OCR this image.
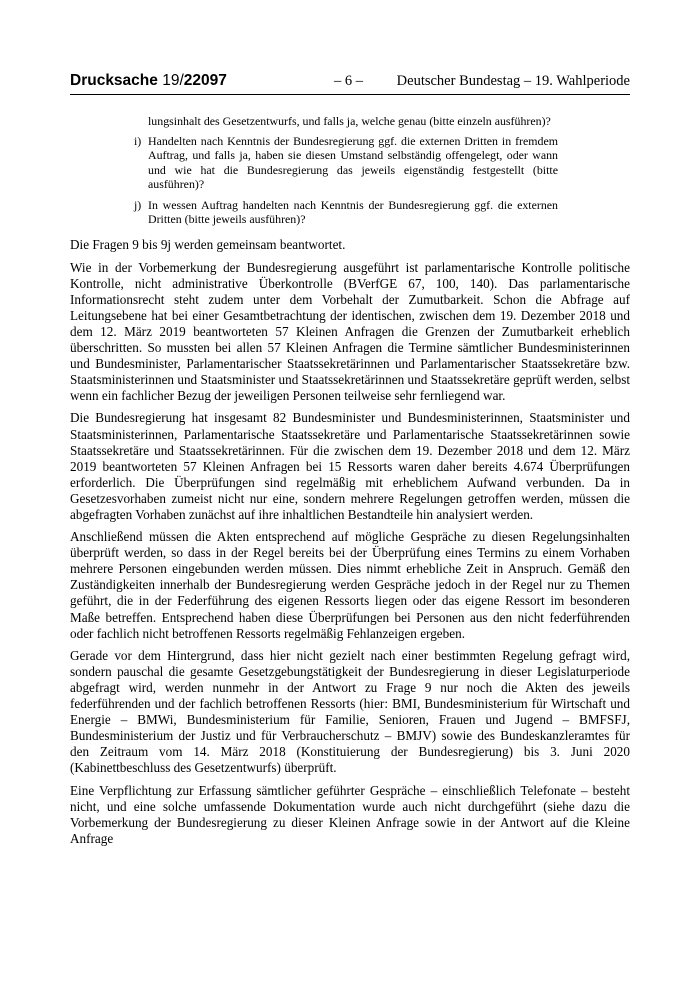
Drucksache 19/22097	– 6 – Deutscher Bundestag – 19. Wahlperiode
lungsinhalt des Gesetzentwurfs, und falls ja, welche genau (bitte einzeln ausführen)?
i) Handelten nach Kenntnis der Bundesregierung ggf. die externen Dritten in fremdem Auftrag, und falls ja, haben sie diesen Umstand selbständig offengelegt, oder wann und wie hat die Bundesregierung das jeweils eigenständig festgestellt (bitte ausführen)?
j) In wessen Auftrag handelten nach Kenntnis der Bundesregierung ggf. die externen Dritten (bitte jeweils ausführen)?

Die Fragen 9 bis 9j werden gemeinsam beantwortet.

Wie in der Vorbemerkung der Bundesregierung ausgeführt ist parlamentarische Kontrolle politische Kontrolle, nicht administrative Überkontrolle (BVerfGE 67, 100, 140). Das parlamentarische Informationsrecht steht zudem unter dem Vorbehalt der Zumutbarkeit. Schon die Abfrage auf Leitungsebene hat bei einer Gesamtbetrachtung der identischen, zwischen dem 19. Dezember 2018 und dem 12. März 2019 beantworteten 57 Kleinen Anfragen die Grenzen der Zumutbarkeit erheblich überschritten. So mussten bei allen 57 Kleinen Anfragen die Termine sämtlicher Bundesministerinnen und Bundesminister, Parlamentarischer Staatssekretärinnen und Parlamentarischer Staatssekretäre bzw. Staatsministerinnen und Staatsminister und Staatssekretärinnen und Staatssekretäre geprüft werden, selbst wenn ein fachlicher Bezug der jeweiligen Personen teilweise sehr fernliegend war.

Die Bundesregierung hat insgesamt 82 Bundesminister und Bundesministerinnen, Staatsminister und Staatsministerinnen, Parlamentarische Staatssekretäre und Parlamentarische Staatssekretärinnen sowie Staatssekretäre und Staatssekretärinnen. Für die zwischen dem 19. Dezember 2018 und dem 12. März 2019 beantworteten 57 Kleinen Anfragen bei 15 Ressorts waren daher bereits 4.674 Überprüfungen erforderlich. Die Überprüfungen sind regelmäßig mit erheblichem Aufwand verbunden. Da in Gesetzesvorhaben zumeist nicht nur eine, sondern mehrere Regelungen getroffen werden, müssen die abgefragten Vorhaben zunächst auf ihre inhaltlichen Bestandteile hin analysiert werden.

Anschließend müssen die Akten entsprechend auf mögliche Gespräche zu diesen Regelungsinhalten überprüft werden, so dass in der Regel bereits bei der Überprüfung eines Termins zu einem Vorhaben mehrere Personen eingebunden werden müssen. Dies nimmt erhebliche Zeit in Anspruch. Gemäß den Zuständigkeiten innerhalb der Bundesregierung werden Gespräche jedoch in der Regel nur zu Themen geführt, die in der Federführung des eigenen Ressorts liegen oder das eigene Ressort im besonderen Maße betreffen. Entsprechend haben diese Überprüfungen bei Personen aus den nicht federführenden oder fachlich nicht betroffenen Ressorts regelmäßig Fehlanzeigen ergeben.

Gerade vor dem Hintergrund, dass hier nicht gezielt nach einer bestimmten Regelung gefragt wird, sondern pauschal die gesamte Gesetzgebungstätigkeit der Bundesregierung in dieser Legislaturperiode abgefragt wird, werden nunmehr in der Antwort zu Frage 9 nur noch die Akten des jeweils federführenden und der fachlich betroffenen Ressorts (hier: BMI, Bundesministerium für Wirtschaft und Energie – BMWi, Bundesministerium für Familie, Senioren, Frauen und Jugend – BMFSFJ, Bundesministerium der Justiz und für Verbraucherschutz – BMJV) sowie des Bundeskanzleramtes für den Zeitraum vom 14. März 2018 (Konstituierung der Bundesregierung) bis 3. Juni 2020 (Kabinettbeschluss des Gesetzentwurfs) überprüft.

Eine Verpflichtung zur Erfassung sämtlicher geführter Gespräche – einschließlich Telefonate – besteht nicht, und eine solche umfassende Dokumentation wurde auch nicht durchgeführt (siehe dazu die Vorbemerkung der Bundesregierung zu dieser Kleinen Anfrage sowie in der Antwort auf die Kleine Anfrage
